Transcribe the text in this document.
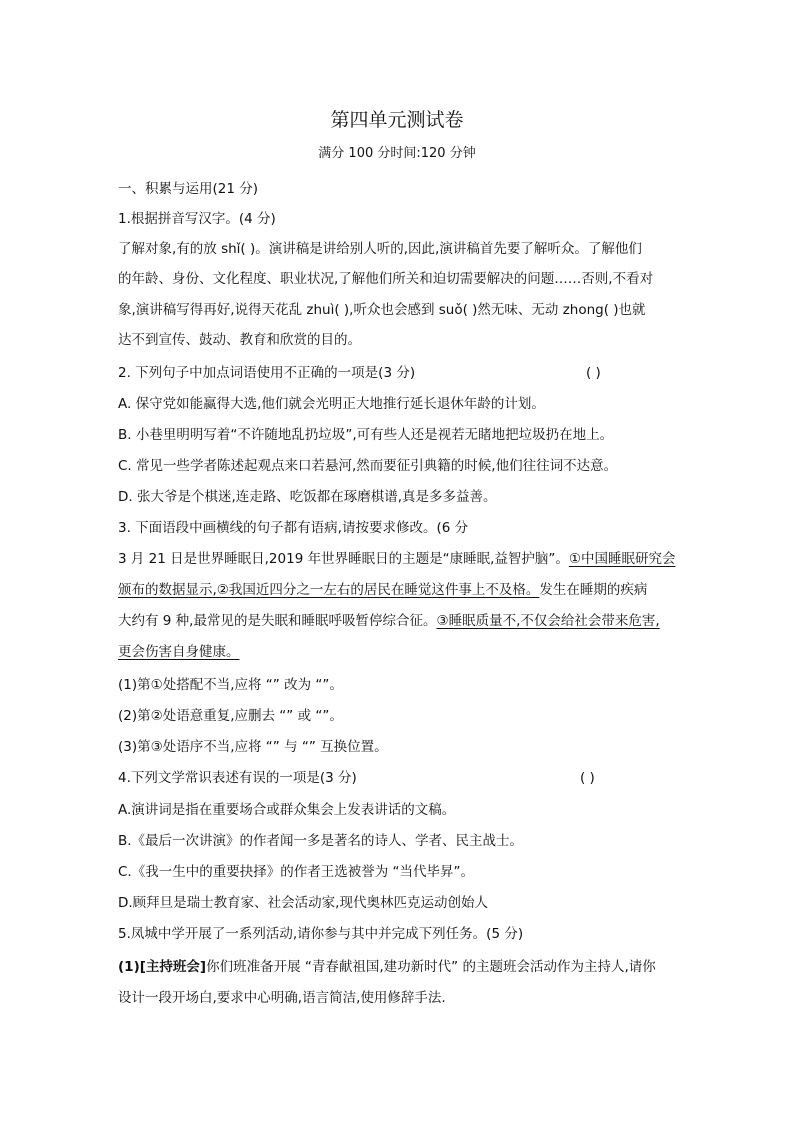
第四单元测试卷
满分 100 分时间:120 分钟
一、积累与运用(21 分)
1.根据拼音写汉字。(4 分)
了解对象,有的放 shǐ( )。演讲稿是讲给别人听的,因此,演讲稿首先要了解听众。了解他们
的年龄、身份、文化程度、职业状况,了解他们所关和迫切需要解决的问题……否则,不看对
象,演讲稿写得再好,说得天花乱 zhuì( ),听众也会感到 suǒ( )然无味、无动 zhong( )也就
达不到宣传、鼓动、教育和欣赏的目的。
2. 下列句子中加点词语使用不正确的一项是(3 分)	( )
A. 保守党如能赢得大选,他们就会光明正大地推行延长退休年龄的计划。
B. 小巷里明明写着“不许随地乱扔垃圾”,可有些人还是视若无睹地把垃圾扔在地上。
C. 常见一些学者陈述起观点来口若悬河,然而要征引典籍的时候,他们往往词不达意。
D. 张大爷是个棋迷,连走路、吃饭都在琢磨棋谱,真是多多益善。
3. 下面语段中画横线的句子都有语病,请按要求修改。(6 分
3 月 21 日是世界睡眠日,2019 年世界睡眠日的主题是“康睡眠,益智护脑”。①中国睡眠研究会
颁布的数据显示,②我国近四分之一左右的居民在睡觉这件事上不及格。发生在睡期的疾病
大约有 9 种,最常见的是失眠和睡眠呼吸暂停综合征。③睡眠质量不,不仅会给社会带来危害,
更会伤害自身健康。
(1)第①处搭配不当,应将 “” 改为 “”。
(2)第②处语意重复,应删去 “” 或 “”。
(3)第③处语序不当,应将 “” 与 “” 互换位置。
4.下列文学常识表述有误的一项是(3 分)	( )
A.演讲词是指在重要场合或群众集会上发表讲话的文稿。
B.《最后一次讲演》的作者闻一多是著名的诗人、学者、民主战士。
C.《我一生中的重要抉择》的作者王选被誉为 “当代毕昇”。
D.顾拜旦是瑞士教育家、社会活动家,现代奥林匹克运动创始人
5.凤城中学开展了一系列活动,请你参与其中并完成下列任务。(5 分)
(1)[主持班会]你们班准备开展 “青春献祖国,建功新时代” 的主题班会活动作为主持人,请你
设计一段开场白,要求中心明确,语言简洁,使用修辞手法.
